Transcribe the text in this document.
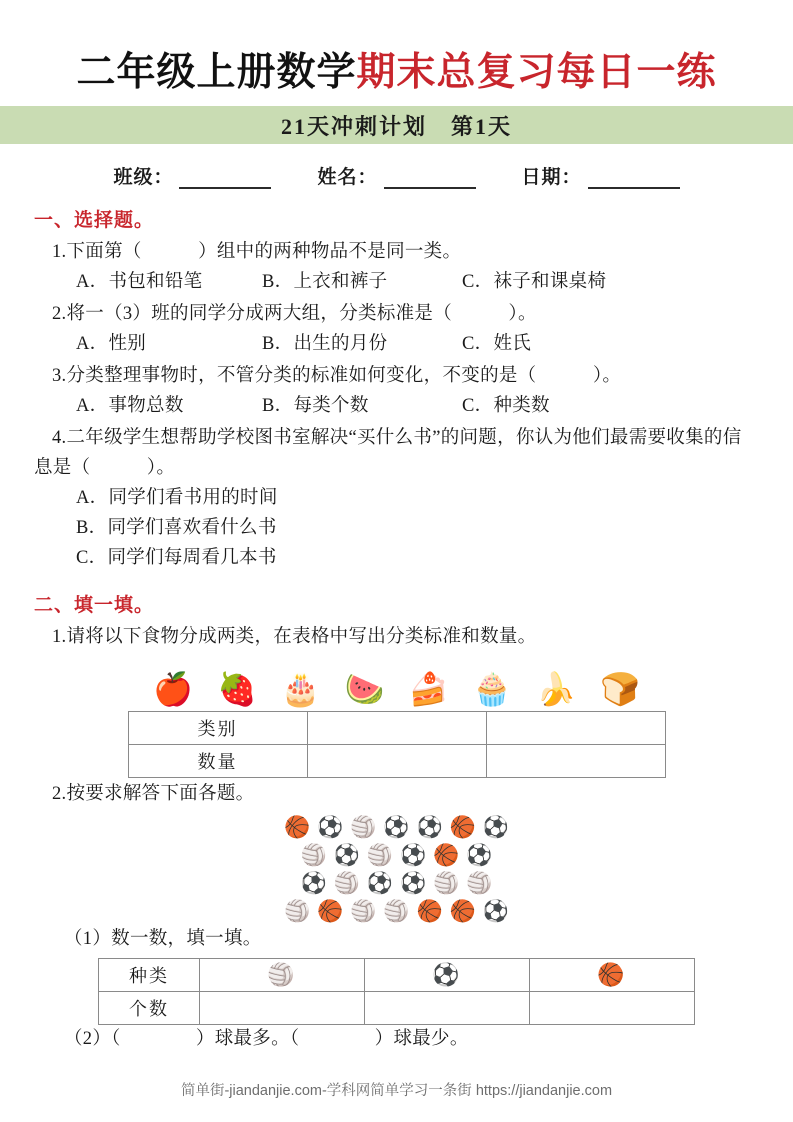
二年级上册数学期末总复习每日一练
21天冲刺计划　第1天
班级：	姓名：	日期：
一、选择题。

1.下面第（　　　）组中的两种物品不是同一类。

A．书包和铅笔	B．上衣和裤子	C．袜子和课桌椅

2.将一（3）班的同学分成两大组，分类标准是（　　　）。

A．性别	B．出生的月份	C．姓氏

3.分类整理事物时，不管分类的标准如何变化，不变的是（　　　）。

A．事物总数	B．每类个数	C．种类数

4.二年级学生想帮助学校图书室解决“买什么书”的问题，你认为他们最需要收集的信息是（　　　）。

A．同学们看书用的时间
B．同学们喜欢看什么书
C．同学们每周看几本书
二、填一填。

1.请将以下食物分成两类，在表格中写出分类标准和数量。

🍎 🍓 🎂 🍉 🍰 🧁 🍌 🍞
类别		
数量		

2.按要求解答下面各题。

🏀 ⚽ 🏐 ⚽ ⚽ 🏀 ⚽
🏐 ⚽ 🏐 ⚽ 🏀 ⚽
⚽ 🏐 ⚽ ⚽ 🏐 🏐
🏐 🏀 🏐 🏐 🏀 🏀 ⚽

（1）数一数，填一填。

种类	🏐	⚽	🏀
个数			

（2）（　　　　）球最多。（　　　　）球最少。

简单街-jiandanjie.com-学科网简单学习一条街 https://jiandanjie.com
